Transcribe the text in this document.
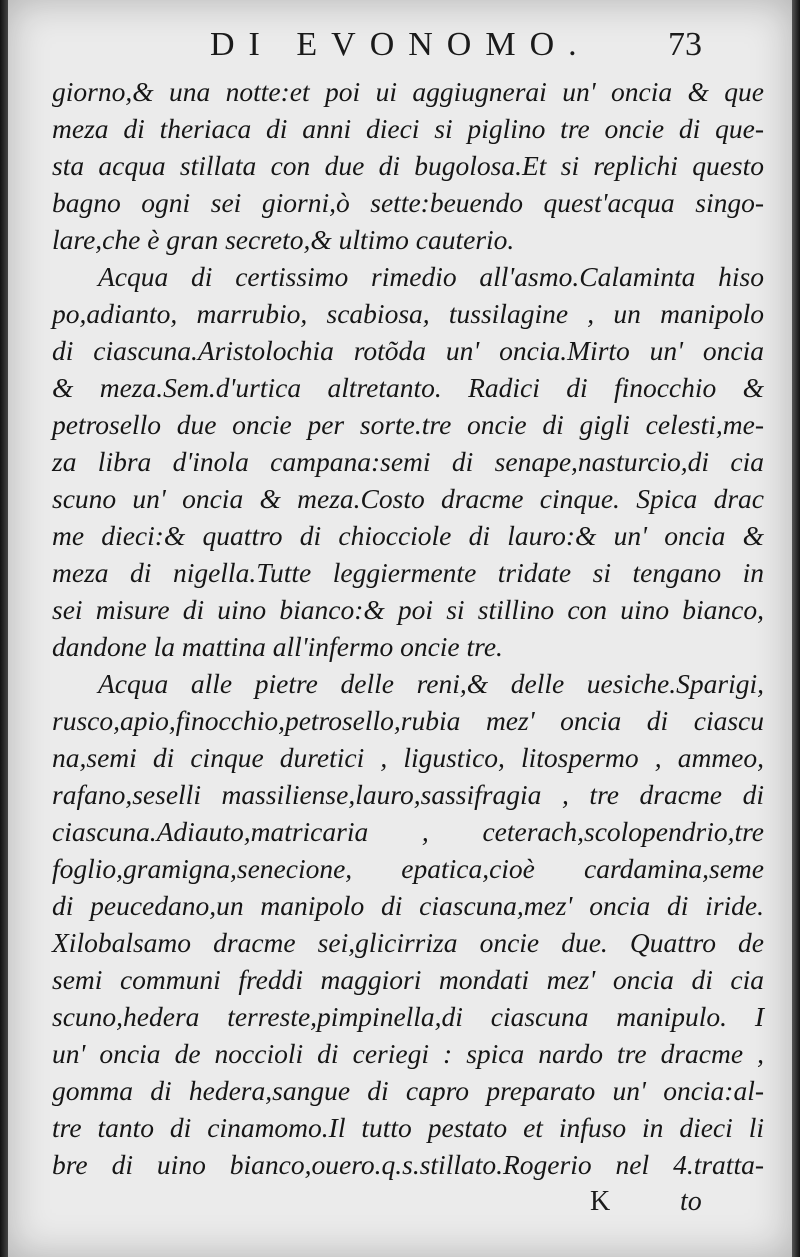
DI EVONOMO. 73
giorno,& una notte:et poi ui aggiugnerai un' oncia & que
meza di theriaca di anni dieci si piglino tre oncie di que-
sta acqua stillata con due di bugolosa.Et si replichi questo
bagno ogni sei giorni,ò sette:beuendo quest'acqua singo-
lare,che è gran secreto,& ultimo cauterio.
Acqua di certissimo rimedio all'asmo.Calaminta hiso
po,adianto, marrubio, scabiosa, tussilagine , un manipolo
di ciascuna.Aristolochia rotõda un' oncia.Mirto un' oncia
& meza.Sem.d'urtica altretanto. Radici di finocchio &
petrosello due oncie per sorte.tre oncie di gigli celesti,me-
za libra d'inola campana:semi di senape,nasturcio,di cia
scuno un' oncia & meza.Costo dracme cinque. Spica drac
me dieci:& quattro di chiocciole di lauro:& un' oncia &
meza di nigella.Tutte leggiermente tridate si tengano in
sei misure di uino bianco:& poi si stillino con uino bianco,
dandone la mattina all'infermo oncie tre.
Acqua alle pietre delle reni,& delle uesiche.Sparigi,
rusco,apio,finocchio,petrosello,rubia mez' oncia di ciascu
na,semi di cinque duretici , ligustico, litospermo , ammeo,
rafano,seselli massiliense,lauro,sassifragia , tre dracme di
ciascuna.Adiauto,matricaria , ceterach,scolopendrio,tre
foglio,gramigna,senecione, epatica,cioè cardamina,seme
di peucedano,un manipolo di ciascuna,mez' oncia di iride.
Xilobalsamo dracme sei,glicirriza oncie due. Quattro de
semi communi freddi maggiori mondati mez' oncia di cia
scuno,hedera terreste,pimpinella,di ciascuna manipulo. I
un' oncia de noccioli di ceriegi : spica nardo tre dracme ,
gomma di hedera,sangue di capro preparato un' oncia:al-
tre tanto di cinamomo.Il tutto pestato et infuso in dieci li
bre di uino bianco,ouero.q.s.stillato.Rogerio nel 4.tratta-
K to
